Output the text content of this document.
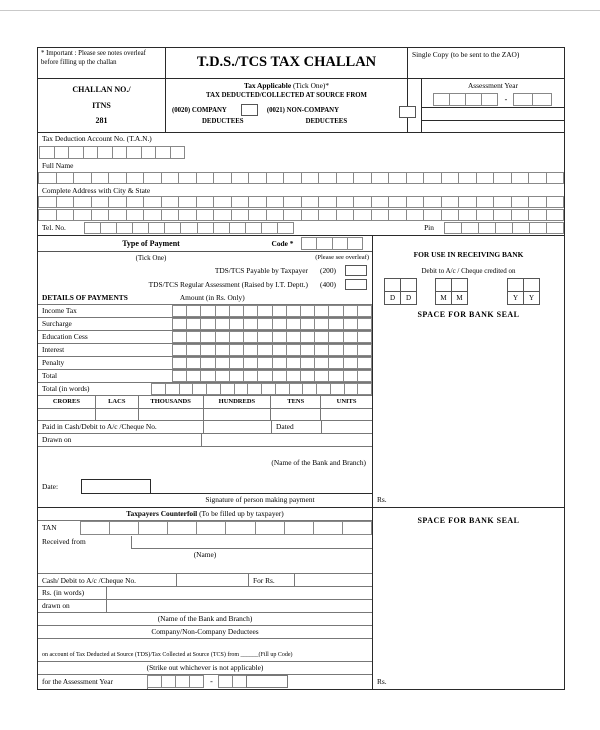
* Important : Please see notes overleaf before filling up the challan	T.D.S./TCS TAX CHALLAN	Single Copy (to be sent to the ZAO)
CHALLAN NO./
ITNS
281
Tax Applicable (Tick One)*
TAX DEDUCTED/COLLECTED AT SOURCE FROM
(0020) COMPANY	(0021) NON-COMPANY
DEDUCTEES	DEDUCTEES
Assessment Year
-
Tax Deduction Account No. (T.A.N.)
Full Name
Complete Address with City & State
Tel. No.	Pin
Type of Payment	Code *
(Tick One)	(Please see overleaf)
TDS/TCS Payable by Taxpayer (200)
TDS/TCS Regular Assessment (Raised by I.T. Deptt.) (400)
DETAILS OF PAYMENTS	Amount (in Rs. Only)
Income Tax
Surcharge
Education Cess
Interest
Penalty
Total
Total (in words)
CRORES	LACS	THOUSANDS	HUNDREDS	TENS	UNITS
Paid in Cash/Debit to A/c /Cheque No.	Dated
Drawn on
(Name of the Bank and Branch)
Date:
Signature of person making payment
FOR USE IN RECEIVING BANK
Debit to A/c / Cheque credited on
D	D	M	M	Y	Y
SPACE FOR BANK SEAL
Rs.
Taxpayers Counterfoil (To be filled up by taxpayer)
TAN
Received from
(Name)
Cash/ Debit to A/c /Cheque No.	For Rs.
Rs. (in words)
drawn on
(Name of the Bank and Branch)
Company/Non-Company Deductees
on account of Tax Deducted at Source (TDS)/Tax Collected at Source (TCS) from ______(Fill up Code)
(Strike out whichever is not applicable)
for the Assessment Year	-
SPACE FOR BANK SEAL
Rs.
